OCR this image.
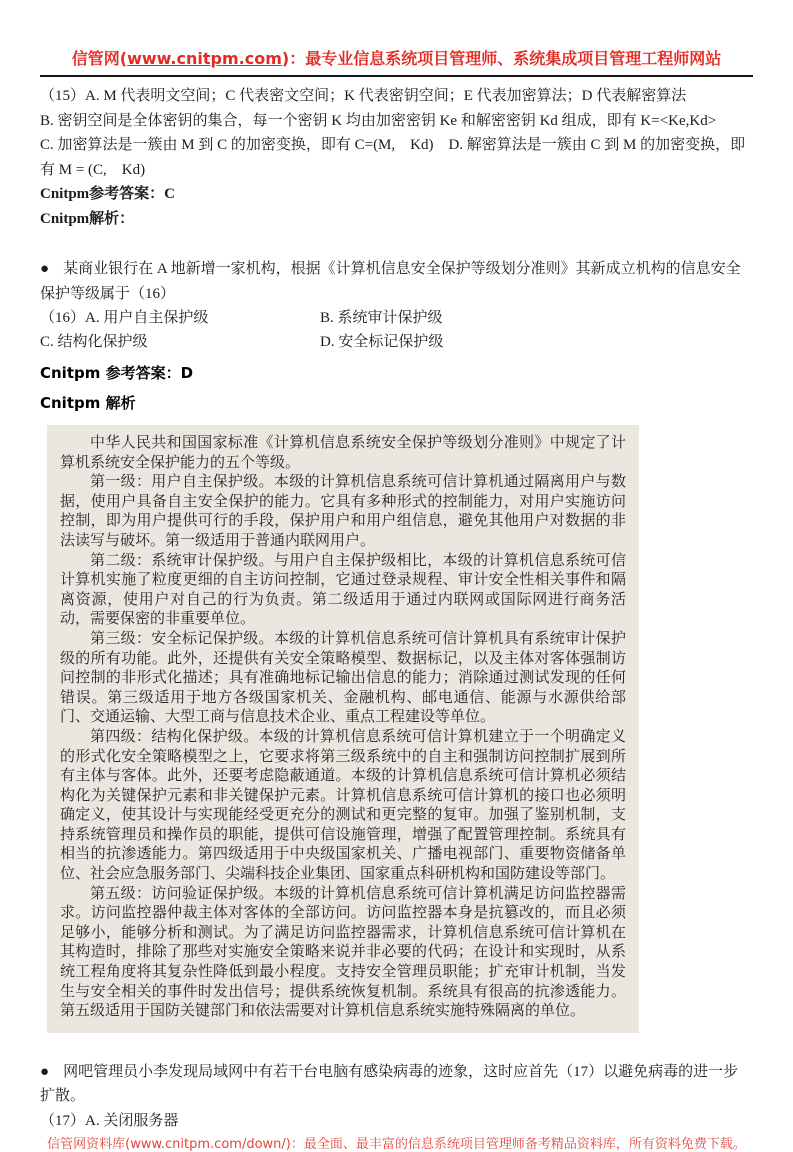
信管网(www.cnitpm.com)：最专业信息系统项目管理师、系统集成项目管理工程师网站

（15）A. M 代表明文空间；C 代表密文空间；K 代表密钥空间；E 代表加密算法；D 代表解密算法

B. 密钥空间是全体密钥的集合，每一个密钥 K 均由加密密钥 Ke 和解密密钥 Kd 组成，即有 K=<Ke,Kd>

C. 加密算法是一簇由 M 到 C 的加密变换，即有 C=(M,　Kd)　D. 解密算法是一簇由 C 到 M 的加密变换，即有 M = (C,　Kd)

Cnitpm参考答案：C

Cnitpm解析：

● 某商业银行在 A 地新增一家机构，根据《计算机信息安全保护等级划分准则》其新成立机构的信息安全保护等级属于（16）

（16）A. 用户自主保护级	B. 系统审计保护级
C. 结构化保护级	D. 安全标记保护级

Cnitpm 参考答案：D

Cnitpm 解析

中华人民共和国国家标准《计算机信息系统安全保护等级划分准则》中规定了计算机系统安全保护能力的五个等级。

第一级：用户自主保护级。本级的计算机信息系统可信计算机通过隔离用户与数据，使用户具备自主安全保护的能力。它具有多种形式的控制能力，对用户实施访问控制，即为用户提供可行的手段，保护用户和用户组信息，避免其他用户对数据的非法读写与破坏。第一级适用于普通内联网用户。

第二级：系统审计保护级。与用户自主保护级相比，本级的计算机信息系统可信计算机实施了粒度更细的自主访问控制，它通过登录规程、审计安全性相关事件和隔离资源，使用户对自己的行为负责。第二级适用于通过内联网或国际网进行商务活动，需要保密的非重要单位。

第三级：安全标记保护级。本级的计算机信息系统可信计算机具有系统审计保护级的所有功能。此外，还提供有关安全策略模型、数据标记，以及主体对客体强制访问控制的非形式化描述；具有准确地标记输出信息的能力；消除通过测试发现的任何错误。第三级适用于地方各级国家机关、金融机构、邮电通信、能源与水源供给部门、交通运输、大型工商与信息技术企业、重点工程建设等单位。

第四级：结构化保护级。本级的计算机信息系统可信计算机建立于一个明确定义的形式化安全策略模型之上，它要求将第三级系统中的自主和强制访问控制扩展到所有主体与客体。此外，还要考虑隐蔽通道。本级的计算机信息系统可信计算机必须结构化为关键保护元素和非关键保护元素。计算机信息系统可信计算机的接口也必须明确定义，使其设计与实现能经受更充分的测试和更完整的复审。加强了鉴别机制，支持系统管理员和操作员的职能，提供可信设施管理，增强了配置管理控制。系统具有相当的抗渗透能力。第四级适用于中央级国家机关、广播电视部门、重要物资储备单位、社会应急服务部门、尖端科技企业集团、国家重点科研机构和国防建设等部门。

第五级：访问验证保护级。本级的计算机信息系统可信计算机满足访问监控器需求。访问监控器仲裁主体对客体的全部访问。访问监控器本身是抗篡改的，而且必须足够小，能够分析和测试。为了满足访问监控器需求，计算机信息系统可信计算机在其构造时，排除了那些对实施安全策略来说并非必要的代码；在设计和实现时，从系统工程角度将其复杂性降低到最小程度。支持安全管理员职能；扩充审计机制，当发生与安全相关的事件时发出信号；提供系统恢复机制。系统具有很高的抗渗透能力。第五级适用于国防关键部门和依法需要对计算机信息系统实施特殊隔离的单位。

● 网吧管理员小李发现局域网中有若干台电脑有感染病毒的迹象，这时应首先（17）以避免病毒的进一步扩散。

（17）A. 关闭服务器

信管网资料库(www.cnitpm.com/down/)：最全面、最丰富的信息系统项目管理师备考精品资料库，所有资料免费下载。
